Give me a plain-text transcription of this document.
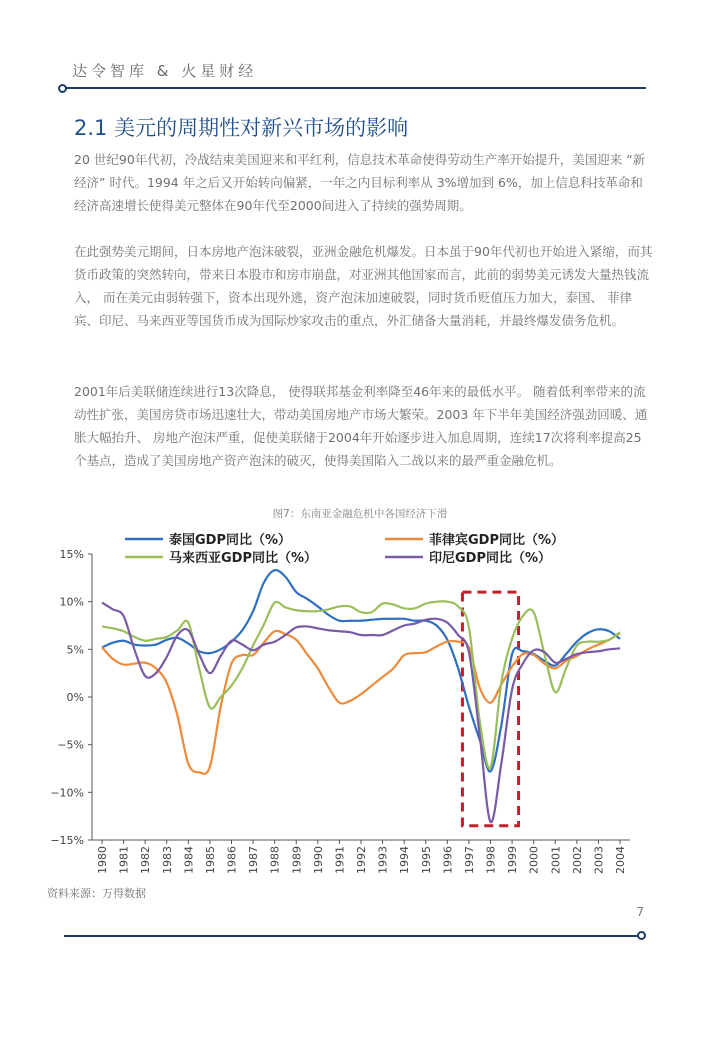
达令智库 & 火星财经
2.1 美元的周期性对新兴市场的影响

20 世纪90年代初，冷战结束美国迎来和平红利，信息技术革命使得劳动生产率开始提升，美国迎来 “新经济” 时代。1994 年之后又开始转向偏紧，一年之内目标利率从 3%增加到 6%，加上信息科技革命和经济高速增长使得美元整体在90年代至2000间进入了持续的强势周期。

在此强势美元期间，日本房地产泡沫破裂，亚洲金融危机爆发。日本虽于90年代初也开始进入紧缩，而其货币政策的突然转向，带来日本股市和房市崩盘，对亚洲其他国家而言，此前的弱势美元诱发大量热钱流入， 而在美元由弱转强下，资本出现外逃，资产泡沫加速破裂，同时货币贬值压力加大，泰国、 菲律宾、印尼、马来西亚等国货币成为国际炒家攻击的重点，外汇储备大量消耗，并最终爆发债务危机。

2001年后美联储连续进行13次降息， 使得联邦基金利率降至46年来的最低水平。 随着低利率带来的流动性扩张，美国房贷市场迅速壮大，带动美国房地产市场大繁荣。2003 年下半年美国经济强劲回暖、通胀大幅抬升、 房地产泡沫严重，促使美联储于2004年开始逐步进入加息周期，连续17次将利率提高25个基点，造成了美国房地产资产泡沫的破灭，使得美国陷入二战以来的最严重金融危机。

图7：东南亚金融危机中各国经济下滑
15%
10%
5%
0%
−5%
−10%
−15%
1980 1981 1982 1983 1984 1985 1986 1987 1988 1989 1990 1991 1992 1993 1994 1995 1996 1997 1998 1999 2000 2001 2002 2003 2004
泰国GDP同比（%）	菲律宾GDP同比（%）
马来西亚GDP同比（%）	印尼GDP同比（%）
资料来源：万得数据
7
